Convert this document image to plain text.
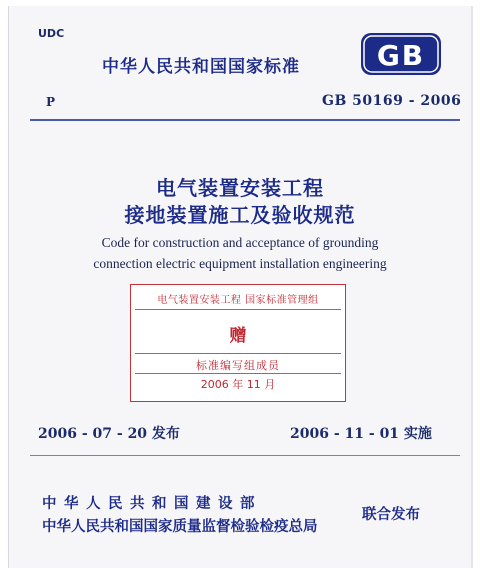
UDC
中华人民共和国国家标准	GB
P	GB 50169 - 2006
电气装置安装工程
接地装置施工及验收规范
Code for construction and acceptance of grounding
connection electric equipment installation engineering
电气装置安装工程 国家标准管理组
赠
标准编写组成员
2006 年 11 月
2006 - 07 - 20 发布	2006 - 11 - 01 实施
中华人民共和国建设部
中华人民共和国国家质量监督检验检疫总局
联合发布
